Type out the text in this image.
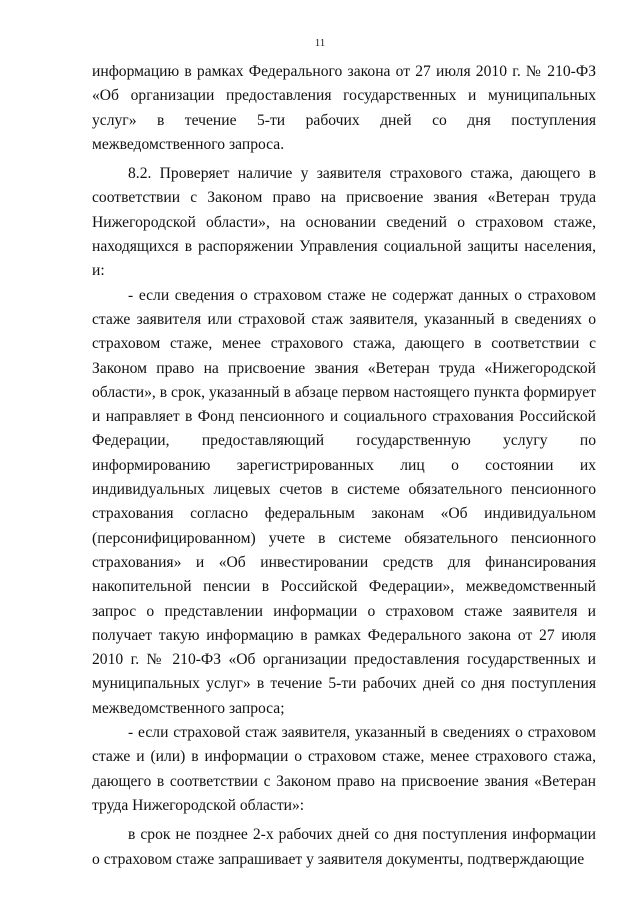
11

информацию в рамках Федерального закона от 27 июля 2010 г. № 210-ФЗ «Об организации предоставления государственных и муниципальных услуг» в течение 5-ти рабочих дней со дня поступления межведомственного запроса.

8.2. Проверяет наличие у заявителя страхового стажа, дающего в соответствии с Законом право на присвоение звания «Ветеран труда Нижегородской области», на основании сведений о страховом стаже, находящихся в распоряжении Управления социальной защиты населения, и:

- если сведения о страховом стаже не содержат данных о страховом стаже заявителя или страховой стаж заявителя, указанный в сведениях о страховом стаже, менее страхового стажа, дающего в соответствии с Законом право на присвоение звания «Ветеран труда «Нижегородской области», в срок, указанный в абзаце первом настоящего пункта формирует и направляет в Фонд пенсионного и социального страхования Российской Федерации, предоставляющий государственную услугу по информированию зарегистрированных лиц о состоянии их индивидуальных лицевых счетов в системе обязательного пенсионного страхования согласно федеральным законам «Об индивидуальном (персонифицированном) учете в системе обязательного пенсионного страхования» и «Об инвестировании средств для финансирования накопительной пенсии в Российской Федерации», межведомственный запрос о представлении информации о страховом стаже заявителя и получает такую информацию в рамках Федерального закона от 27 июля 2010 г. № 210-ФЗ «Об организации предоставления государственных и муниципальных услуг» в течение 5-ти рабочих дней со дня поступления межведомственного запроса;

- если страховой стаж заявителя, указанный в сведениях о страховом стаже и (или) в информации о страховом стаже, менее страхового стажа, дающего в соответствии с Законом право на присвоение звания «Ветеран труда Нижегородской области»:

в срок не позднее 2-х рабочих дней со дня поступления информации о страховом стаже запрашивает у заявителя документы, подтверждающие
